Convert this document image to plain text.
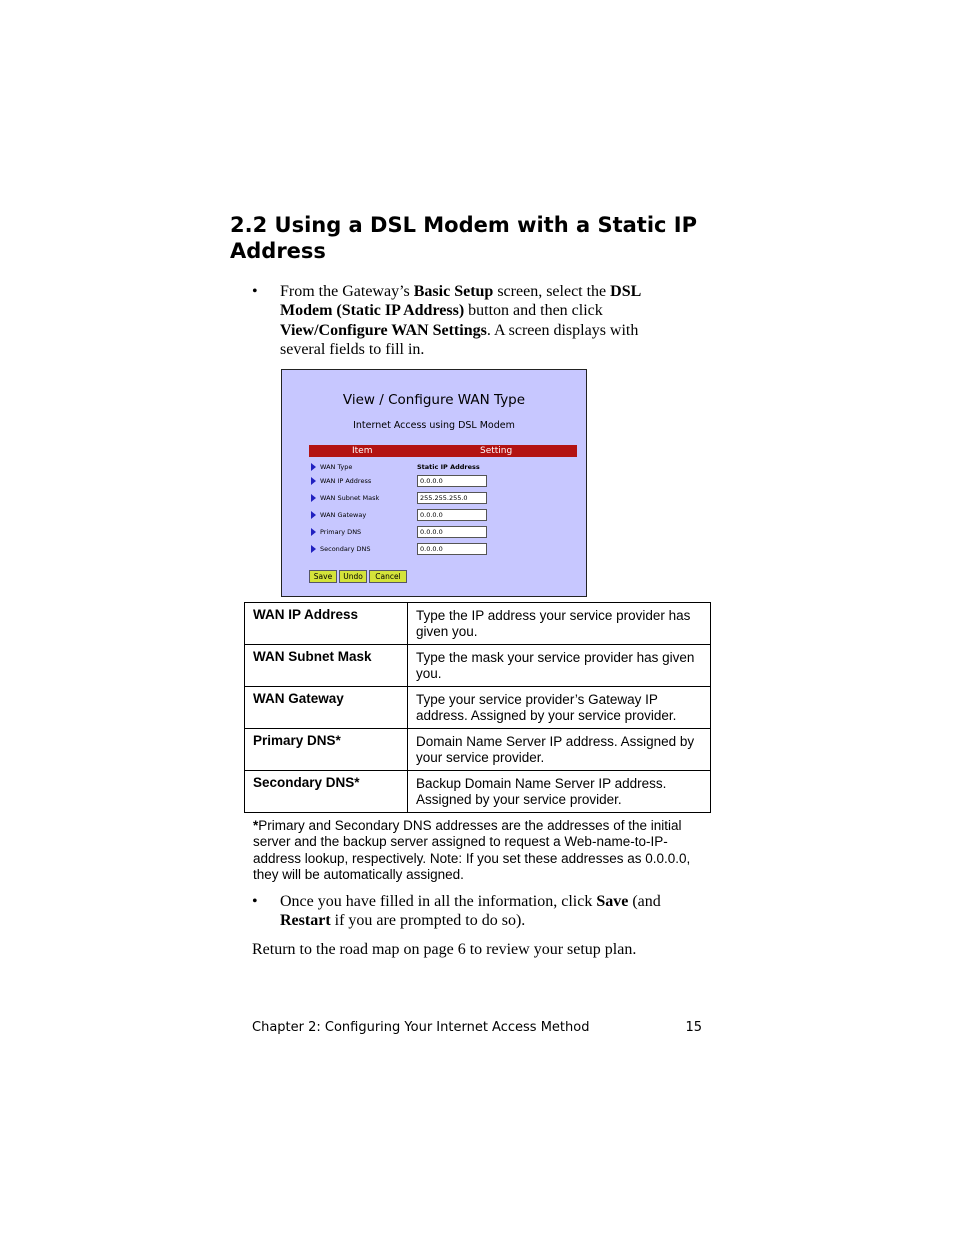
2.2 Using a DSL Modem with a Static IP Address
• From the Gateway’s Basic Setup screen, select the DSL Modem (Static IP Address) button and then click View/Configure WAN Settings. A screen displays with several fields to fill in.
View / Configure WAN Type
Internet Access using DSL Modem
Item	Setting
WAN Type	Static IP Address
WAN IP Address	0.0.0.0
WAN Subnet Mask	255.255.255.0
WAN Gateway	0.0.0.0
Primary DNS	0.0.0.0
Secondary DNS	0.0.0.0
Save	Undo	Cancel
WAN IP Address	Type the IP address your service provider has given you.
WAN Subnet Mask	Type the mask your service provider has given you.
WAN Gateway	Type your service provider’s Gateway IP address. Assigned by your service provider.
Primary DNS*	Domain Name Server IP address. Assigned by your service provider.
Secondary DNS*	Backup Domain Name Server IP address. Assigned by your service provider.
*Primary and Secondary DNS addresses are the addresses of the initial server and the backup server assigned to request a Web-name-to-IP-address lookup, respectively. Note: If you set these addresses as 0.0.0.0, they will be automatically assigned.
• Once you have filled in all the information, click Save (and Restart if you are prompted to do so).
Return to the road map on page 6 to review your setup plan.
Chapter 2: Configuring Your Internet Access Method	15
